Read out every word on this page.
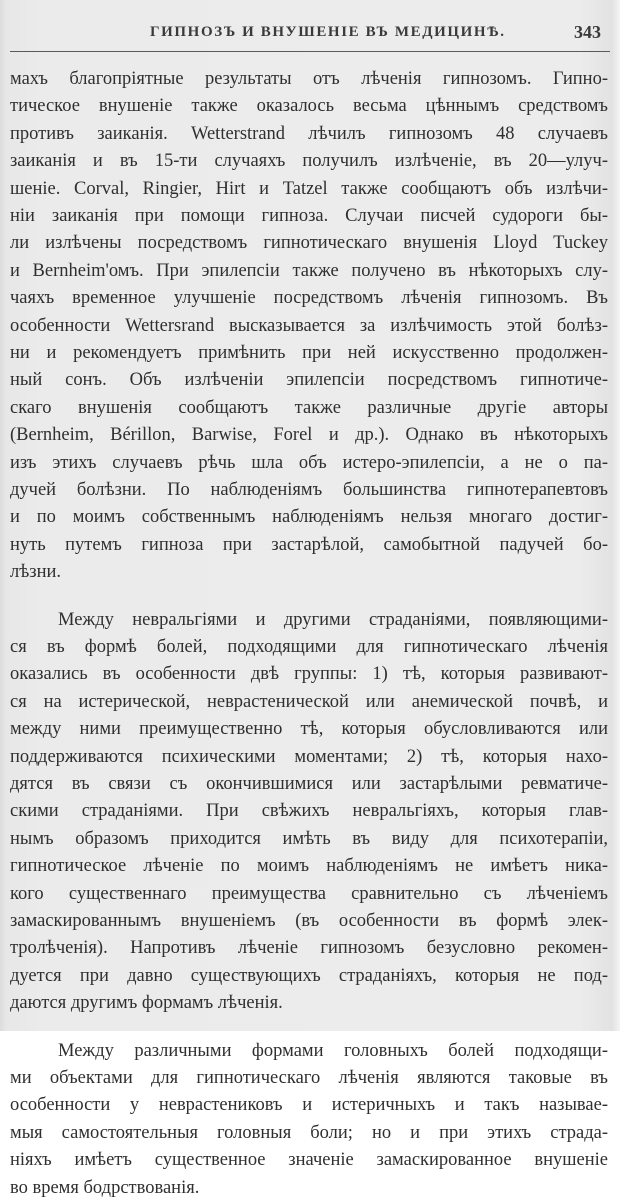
ГИПНОЗЪ И ВНУШЕНІЕ ВЪ МЕДИЦИНѢ.	343
махъ благопріятные результаты отъ лѣченія гипнозомъ. Гипно-
тическое внушеніе также оказалось весьма цѣннымъ средствомъ
противъ заиканія. Wetterstrand лѣчилъ гипнозомъ 48 случаевъ
заиканія и въ 15-ти случаяхъ получилъ излѣченіе, въ 20—улуч-
шеніе. Corval, Ringier, Hirt и Tatzel также сообщаютъ объ излѣчи-
ніи заиканія при помощи гипноза. Случаи писчей судороги бы-
ли излѣчены посредствомъ гипнотическаго внушенія Lloyd Tuckey
и Bernheim'омъ. При эпилепсіи также получено въ нѣкоторыхъ слу-
чаяхъ временное улучшеніе посредствомъ лѣченія гипнозомъ. Въ
особенности Wettersrand высказывается за излѣчимость этой болѣз-
ни и рекомендуетъ примѣнить при ней искусственно продолжен-
ный сонъ. Объ излѣченіи эпилепсіи посредствомъ гипнотиче-
скаго внушенія сообщаютъ также различные другіе авторы
(Bernheim, Bérillon, Barwise, Forel и др.). Однако въ нѣкоторыхъ
изъ этихъ случаевъ рѣчь шла объ истеро-эпилепсіи, а не о па-
дучей болѣзни. По наблюденіямъ большинства гипнотерапевтовъ
и по моимъ собственнымъ наблюденіямъ нельзя многаго достиг-
нуть путемъ гипноза при застарѣлой, самобытной падучей бо-
лѣзни.
Между невральгіями и другими страданіями, появляющими-
ся въ формѣ болей, подходящими для гипнотическаго лѣченія
оказались въ особенности двѣ группы: 1) тѣ, которыя развивают-
ся на истерической, неврастенической или анемической почвѣ, и
между ними преимущественно тѣ, которыя обусловливаются или
поддерживаются психическими моментами; 2) тѣ, которыя нахо-
дятся въ связи съ окончившимися или застарѣлыми ревматиче-
скими страданіями. При свѣжихъ невральгіяхъ, которыя глав-
нымъ образомъ приходится имѣть въ виду для психотерапіи,
гипнотическое лѣченіе по моимъ наблюденіямъ не имѣетъ ника-
кого существеннаго преимущества сравнительно съ лѣченіемъ
замаскированнымъ внушеніемъ (въ особенности въ формѣ элек-
тролѣченія). Напротивъ лѣченіе гипнозомъ безусловно рекомен-
дуется при давно существующихъ страданіяхъ, которыя не под-
даются другимъ формамъ лѣченія.
Между различными формами головныхъ болей подходящи-
ми объектами для гипнотическаго лѣченія являются таковые въ
особенности у неврастениковъ и истеричныхъ и такъ называе-
мыя самостоятельныя головныя боли; но и при этихъ страда-
ніяхъ имѣетъ существенное значеніе замаскированное внушеніе
во время бодрствованія.
